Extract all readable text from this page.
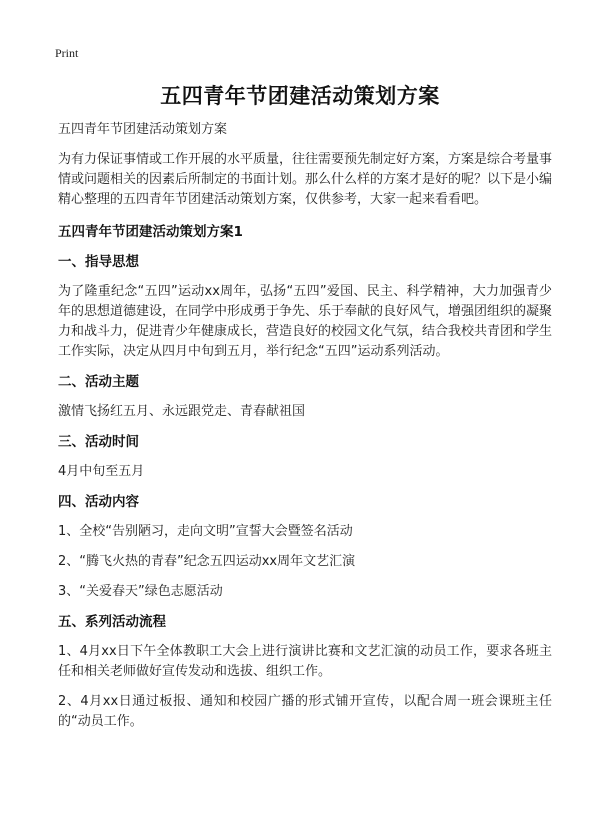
Print
五四青年节团建活动策划方案

五四青年节团建活动策划方案

为有力保证事情或工作开展的水平质量，往往需要预先制定好方案，方案是综合考量事情或问题相关的因素后所制定的书面计划。那么什么样的方案才是好的呢？以下是小编精心整理的五四青年节团建活动策划方案，仅供参考，大家一起来看看吧。

五四青年节团建活动策划方案1
一、指导思想

为了隆重纪念“五四”运动xx周年，弘扬“五四”爱国、民主、科学精神，大力加强青少年的思想道德建设，在同学中形成勇于争先、乐于奉献的良好风气，增强团组织的凝聚力和战斗力，促进青少年健康成长，营造良好的校园文化气氛，结合我校共青团和学生工作实际，决定从四月中旬到五月，举行纪念“五四”运动系列活动。

二、活动主题

激情飞扬红五月、永远跟党走、青春献祖国

三、活动时间

4月中旬至五月

四、活动内容

1、全校“告别陋习，走向文明”宣誓大会暨签名活动

2、“腾飞火热的青春”纪念五四运动xx周年文艺汇演

3、“关爱春天”绿色志愿活动

五、系列活动流程

1、4月xx日下午全体教职工大会上进行演讲比赛和文艺汇演的动员工作，要求各班主任和相关老师做好宣传发动和选拔、组织工作。

2、4月xx日通过板报、通知和校园广播的形式铺开宣传，以配合周一班会课班主任的“动员工作。
